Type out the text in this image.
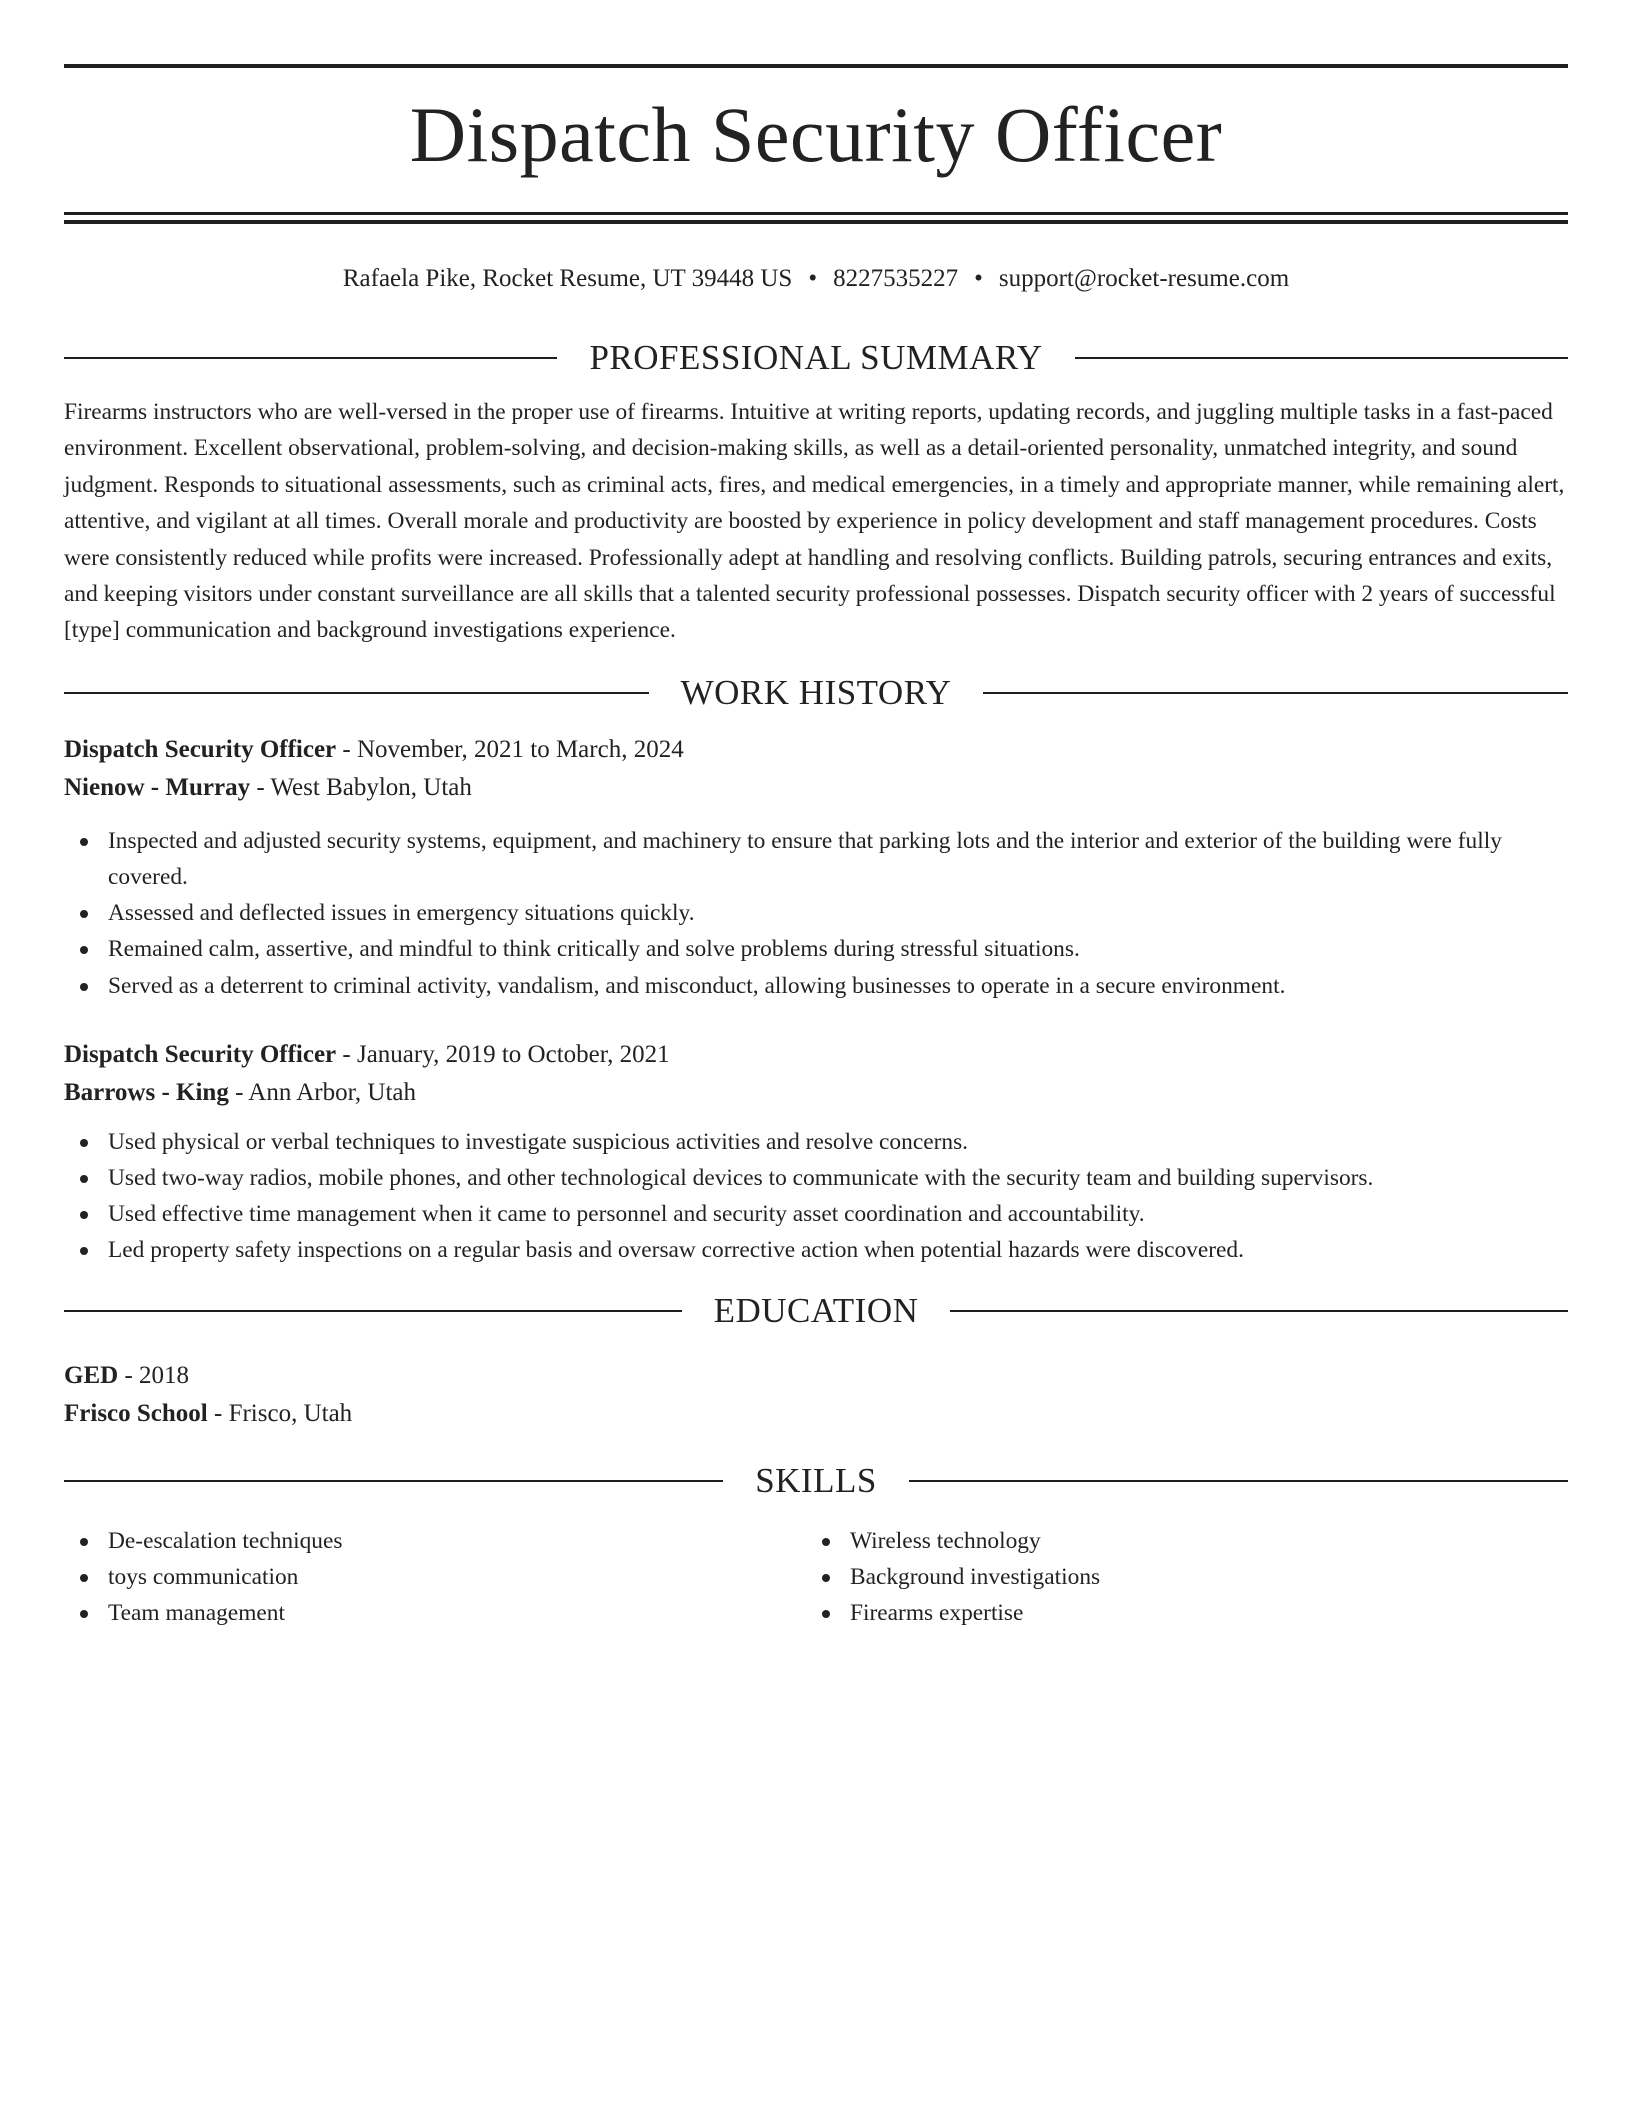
Dispatch Security Officer
Rafaela Pike, Rocket Resume, UT 39448 US • 8227535227 • support@rocket-resume.com
PROFESSIONAL SUMMARY
Firearms instructors who are well-versed in the proper use of firearms. Intuitive at writing reports, updating records, and juggling multiple tasks in a fast-paced environment. Excellent observational, problem-solving, and decision-making skills, as well as a detail-oriented personality, unmatched integrity, and sound judgment. Responds to situational assessments, such as criminal acts, fires, and medical emergencies, in a timely and appropriate manner, while remaining alert, attentive, and vigilant at all times. Overall morale and productivity are boosted by experience in policy development and staff management procedures. Costs were consistently reduced while profits were increased. Professionally adept at handling and resolving conflicts. Building patrols, securing entrances and exits, and keeping visitors under constant surveillance are all skills that a talented security professional possesses. Dispatch security officer with 2 years of successful [type] communication and background investigations experience.
WORK HISTORY
Dispatch Security Officer - November, 2021 to March, 2024
Nienow - Murray - West Babylon, Utah
Inspected and adjusted security systems, equipment, and machinery to ensure that parking lots and the interior and exterior of the building were fully covered.
Assessed and deflected issues in emergency situations quickly.
Remained calm, assertive, and mindful to think critically and solve problems during stressful situations.
Served as a deterrent to criminal activity, vandalism, and misconduct, allowing businesses to operate in a secure environment.
Dispatch Security Officer - January, 2019 to October, 2021
Barrows - King - Ann Arbor, Utah
Used physical or verbal techniques to investigate suspicious activities and resolve concerns.
Used two-way radios, mobile phones, and other technological devices to communicate with the security team and building supervisors.
Used effective time management when it came to personnel and security asset coordination and accountability.
Led property safety inspections on a regular basis and oversaw corrective action when potential hazards were discovered.
EDUCATION
GED - 2018
Frisco School - Frisco, Utah
SKILLS
De-escalation techniques
toys communication
Team management
Wireless technology
Background investigations
Firearms expertise
